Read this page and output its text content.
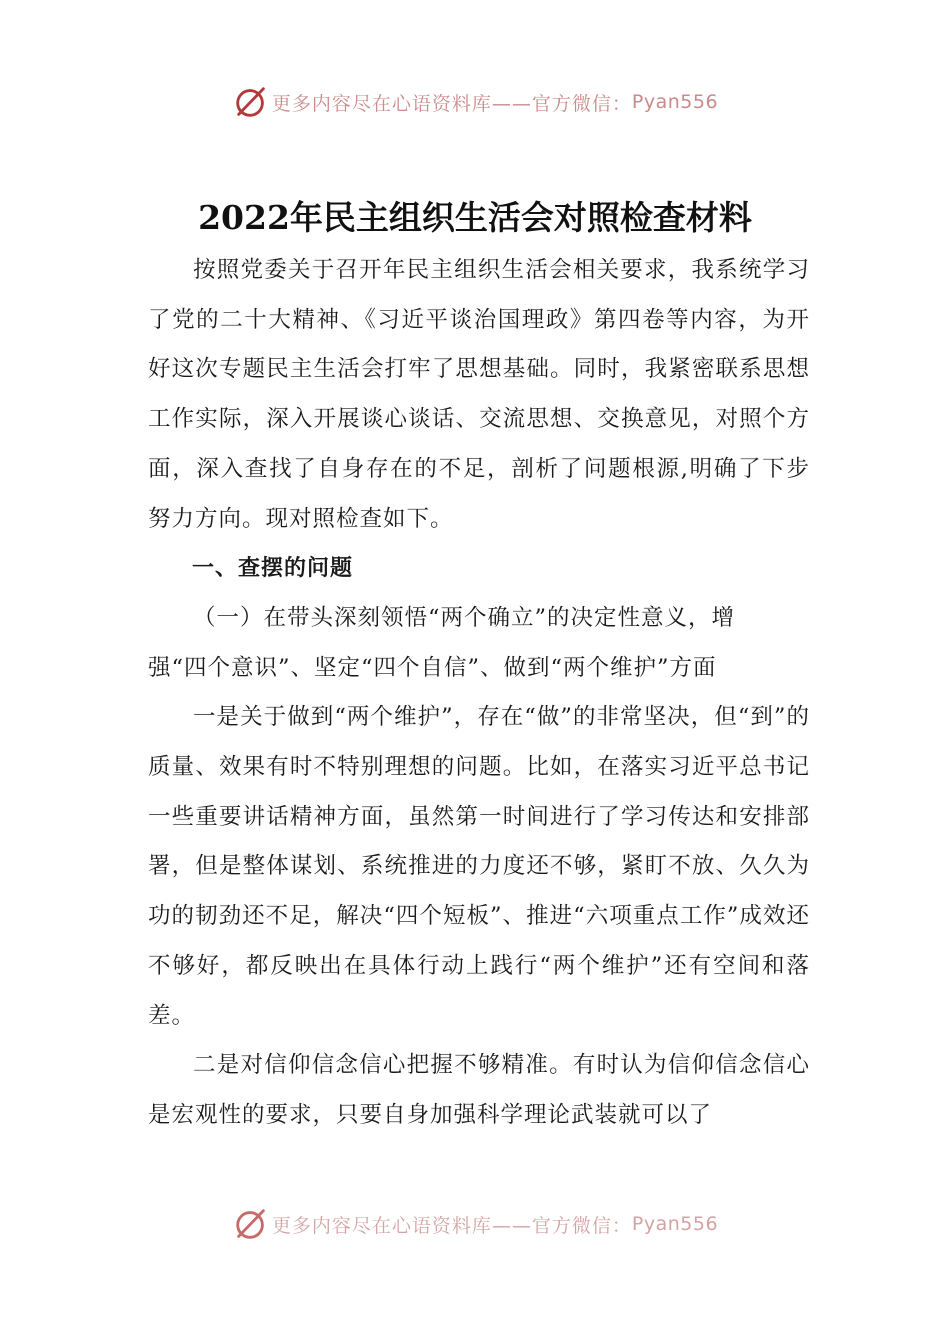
更多内容尽在心语资料库——官方微信： Pyan556
2022年民主组织生活会对照检查材料

按照党委关于召开年民主组织生活会相关要求，我系统学习了党的二十大精神、《习近平谈治国理政》第四卷等内容，为开好这次专题民主生活会打牢了思想基础。同时，我紧密联系思想工作实际，深入开展谈心谈话、交流思想、交换意见，对照个方面，深入查找了自身存在的不足，剖析了问题根源,明确了下步努力方向。现对照检查如下。

一、查摆的问题

（一）在带头深刻领悟“两个确立”的决定性意义，增强“四个意识”、坚定“四个自信”、做到“两个维护”方面

一是关于做到“两个维护”，存在“做”的非常坚决，但“到”的质量、效果有时不特别理想的问题。比如，在落实习近平总书记一些重要讲话精神方面，虽然第一时间进行了学习传达和安排部署，但是整体谋划、系统推进的力度还不够，紧盯不放、久久为功的韧劲还不足，解决“四个短板”、推进“六项重点工作”成效还不够好，都反映出在具体行动上践行“两个维护”还有空间和落差。

二是对信仰信念信心把握不够精准。有时认为信仰信念信心是宏观性的要求，只要自身加强科学理论武装就可以了

更多内容尽在心语资料库——官方微信： Pyan556
